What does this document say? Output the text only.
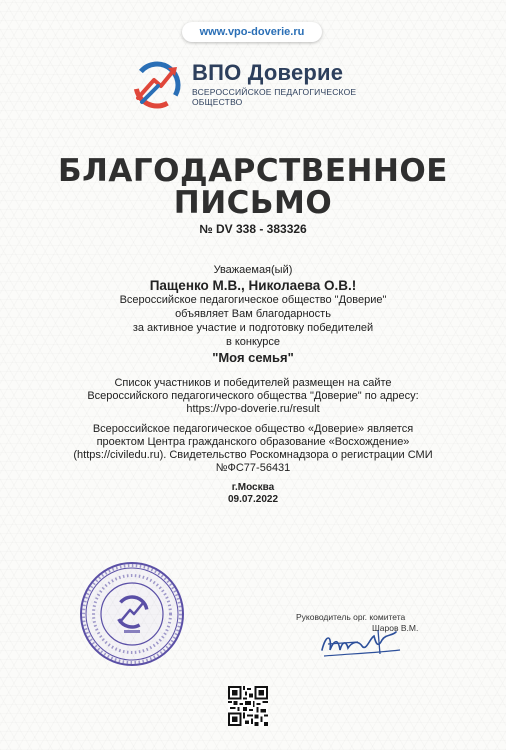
www.vpo-doverie.ru
ВПО Доверие
ВСЕРОССИЙСКОЕ ПЕДАГОГИЧЕСКОЕ
ОБЩЕСТВО
БЛАГОДАРСТВЕННОЕ
ПИСЬМО
№ DV 338 - 383326
Уважаемая(ый)
Пащенко М.В., Николаева О.В.!
Всероссийское педагогическое общество "Доверие"
объявляет Вам благодарность
за активное участие и подготовку победителей
в конкурсе
"Моя семья"
Список участников и победителей размещен на сайте
Всероссийского педагогического общества "Доверие" по адресу:
https://vpo-doverie.ru/result
Всероссийское педагогическое общество «Доверие» является
проектом Центра гражданского образование «Восхождение»
(https://civiledu.ru). Свидетельство Роскомнадзора о регистрации СМИ
№ФС77-56431
г.Москва
09.07.2022
Руководитель орг. комитета
Шаров В.М.
